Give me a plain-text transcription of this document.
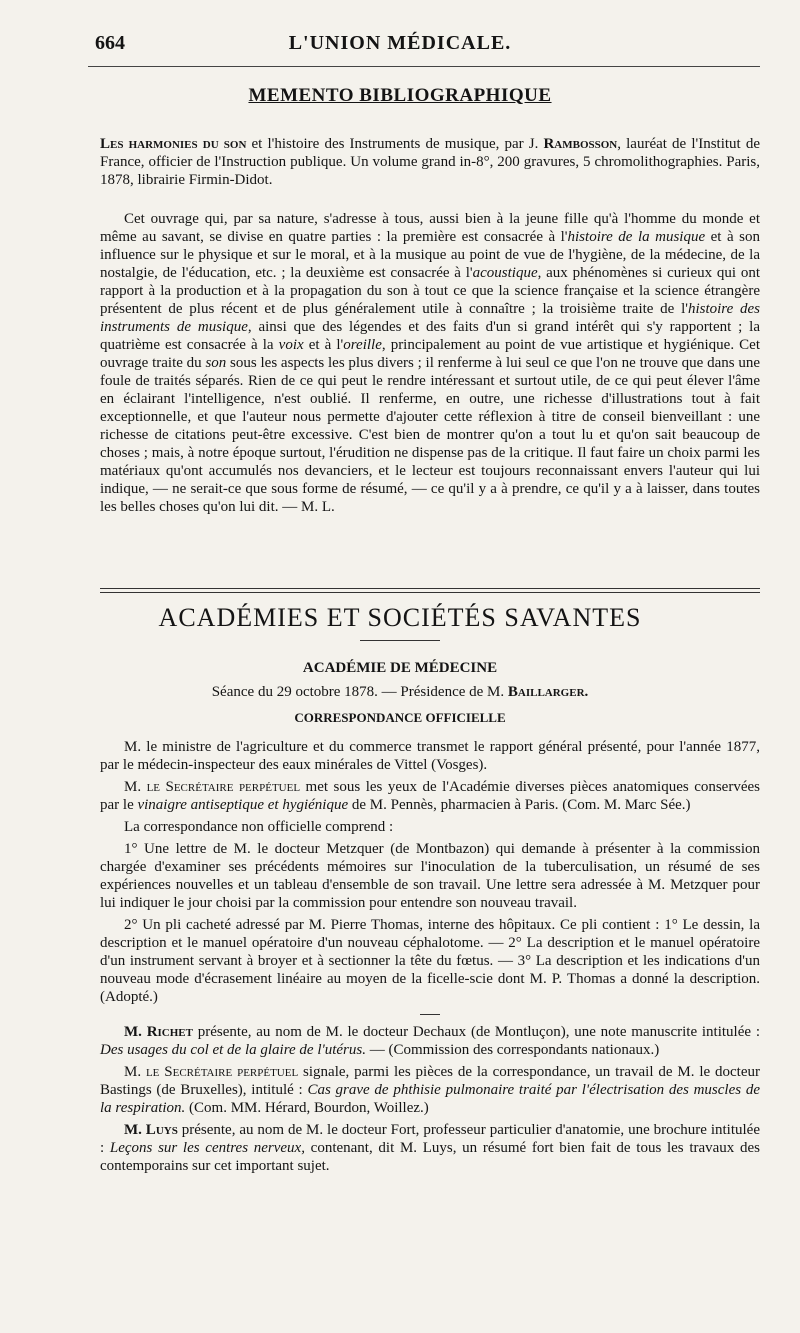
664	L'UNION MÉDICALE.
MEMENTO BIBLIOGRAPHIQUE
Les harmonies du son et l'histoire des Instruments de musique, par J. Rambosson, lauréat de l'Institut de France, officier de l'Instruction publique. Un volume grand in-8°, 200 gravures, 5 chromolithographies. Paris, 1878, librairie Firmin-Didot.
Cet ouvrage qui, par sa nature, s'adresse à tous, aussi bien à la jeune fille qu'à l'homme du monde et même au savant, se divise en quatre parties : la première est consacrée à l'histoire de la musique et à son influence sur le physique et sur le moral, et à la musique au point de vue de l'hygiène, de la médecine, de la nostalgie, de l'éducation, etc. ; la deuxième est consacrée à l'acoustique, aux phénomènes si curieux qui ont rapport à la production et à la propagation du son à tout ce que la science française et la science étrangère présentent de plus récent et de plus généralement utile à connaître ; la troisième traite de l'histoire des instruments de musique, ainsi que des légendes et des faits d'un si grand intérêt qui s'y rapportent ; la quatrième est consacrée à la voix et à l'oreille, principalement au point de vue artistique et hygiénique. Cet ouvrage traite du son sous les aspects les plus divers ; il renferme à lui seul ce que l'on ne trouve que dans une foule de traités séparés. Rien de ce qui peut le rendre intéressant et surtout utile, de ce qui peut élever l'âme en éclairant l'intelligence, n'est oublié. Il renferme, en outre, une richesse d'illustrations tout à fait exceptionnelle, et que l'auteur nous permette d'ajouter cette réflexion à titre de conseil bienveillant : une richesse de citations peut-être excessive. C'est bien de montrer qu'on a tout lu et qu'on sait beaucoup de choses ; mais, à notre époque surtout, l'érudition ne dispense pas de la critique. Il faut faire un choix parmi les matériaux qu'ont accumulés nos devanciers, et le lecteur est toujours reconnaissant envers l'auteur qui lui indique, — ne serait-ce que sous forme de résumé, — ce qu'il y a à prendre, ce qu'il y a à laisser, dans toutes les belles choses qu'on lui dit. — M. L.
ACADÉMIES ET SOCIÉTÉS SAVANTES
ACADÉMIE DE MÉDECINE
Séance du 29 octobre 1878. — Présidence de M. Baillarger.
CORRESPONDANCE OFFICIELLE

M. le ministre de l'agriculture et du commerce transmet le rapport général présenté, pour l'année 1877, par le médecin-inspecteur des eaux minérales de Vittel (Vosges).

M. le Secrétaire perpétuel met sous les yeux de l'Académie diverses pièces anatomiques conservées par le vinaigre antiseptique et hygiénique de M. Pennès, pharmacien à Paris. (Com. M. Marc Sée.)

La correspondance non officielle comprend :

1° Une lettre de M. le docteur Metzquer (de Montbazon) qui demande à présenter à la commission chargée d'examiner ses précédents mémoires sur l'inoculation de la tuberculisation, un résumé de ses expériences nouvelles et un tableau d'ensemble de son travail. Une lettre sera adressée à M. Metzquer pour lui indiquer le jour choisi par la commission pour entendre son nouveau travail.

2° Un pli cacheté adressé par M. Pierre Thomas, interne des hôpitaux. Ce pli contient : 1° Le dessin, la description et le manuel opératoire d'un nouveau céphalotome. — 2° La description et le manuel opératoire d'un instrument servant à broyer et à sectionner la tête du fœtus. — 3° La description et les indications d'un nouveau mode d'écrasement linéaire au moyen de la ficelle-scie dont M. P. Thomas a donné la description. (Adopté.)

M. Richet présente, au nom de M. le docteur Dechaux (de Montluçon), une note manuscrite intitulée : Des usages du col et de la glaire de l'utérus. — (Commission des correspondants nationaux.)

M. le Secrétaire perpétuel signale, parmi les pièces de la correspondance, un travail de M. le docteur Bastings (de Bruxelles), intitulé : Cas grave de phthisie pulmonaire traité par l'électrisation des muscles de la respiration. (Com. MM. Hérard, Bourdon, Woillez.)

M. Luys présente, au nom de M. le docteur Fort, professeur particulier d'anatomie, une brochure intitulée : Leçons sur les centres nerveux, contenant, dit M. Luys, un résumé fort bien fait de tous les travaux des contemporains sur cet important sujet.
